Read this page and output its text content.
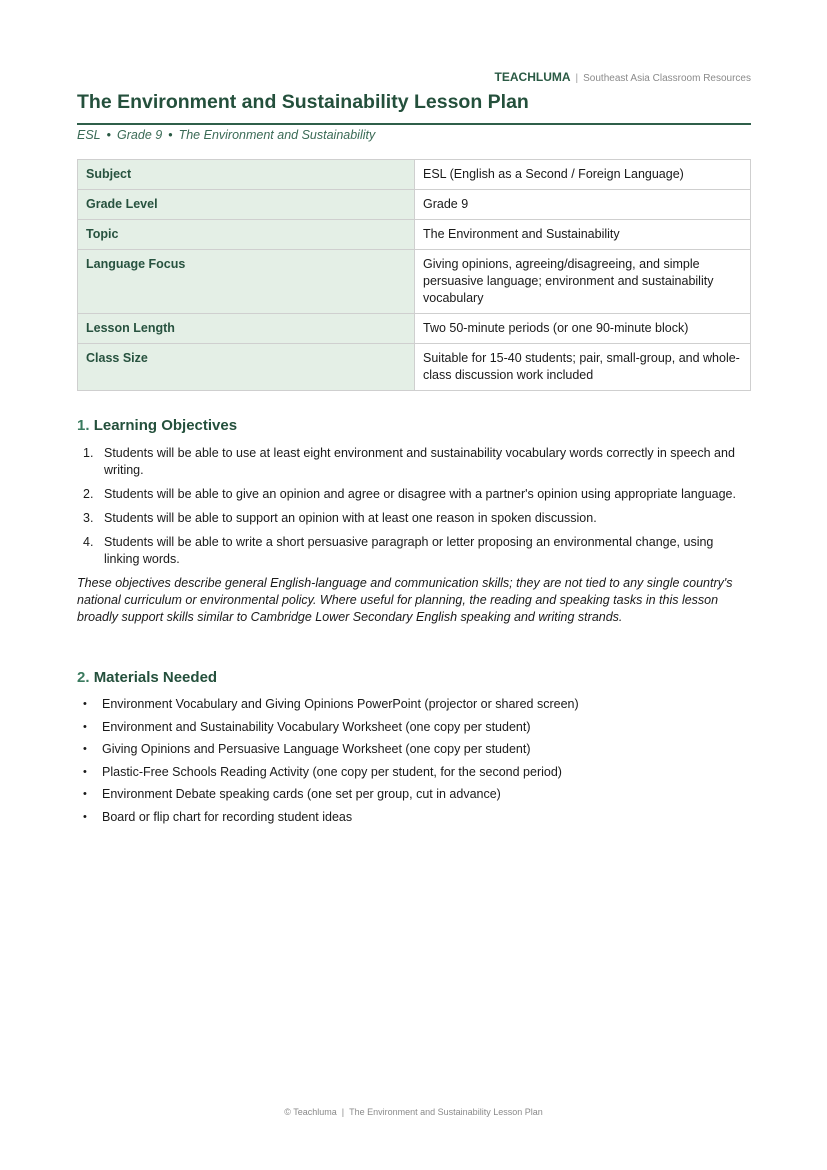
TEACHLUMA | Southeast Asia Classroom Resources
The Environment and Sustainability Lesson Plan
ESL • Grade 9 • The Environment and Sustainability
Subject	ESL (English as a Second / Foreign Language)
Grade Level	Grade 9
Topic	The Environment and Sustainability
Language Focus	Giving opinions, agreeing/disagreeing, and simple persuasive language; environment and sustainability vocabulary
Lesson Length	Two 50-minute periods (or one 90-minute block)
Class Size	Suitable for 15-40 students; pair, small-group, and whole-class discussion work included
1. Learning Objectives
1. Students will be able to use at least eight environment and sustainability vocabulary words correctly in speech and writing.
2. Students will be able to give an opinion and agree or disagree with a partner's opinion using appropriate language.
3. Students will be able to support an opinion with at least one reason in spoken discussion.
4. Students will be able to write a short persuasive paragraph or letter proposing an environmental change, using linking words.

These objectives describe general English-language and communication skills; they are not tied to any single country's national curriculum or environmental policy. Where useful for planning, the reading and speaking tasks in this lesson broadly support skills similar to Cambridge Lower Secondary English speaking and writing strands.

2. Materials Needed
• Environment Vocabulary and Giving Opinions PowerPoint (projector or shared screen)
• Environment and Sustainability Vocabulary Worksheet (one copy per student)
• Giving Opinions and Persuasive Language Worksheet (one copy per student)
• Plastic-Free Schools Reading Activity (one copy per student, for the second period)
• Environment Debate speaking cards (one set per group, cut in advance)
• Board or flip chart for recording student ideas
© Teachluma | The Environment and Sustainability Lesson Plan
